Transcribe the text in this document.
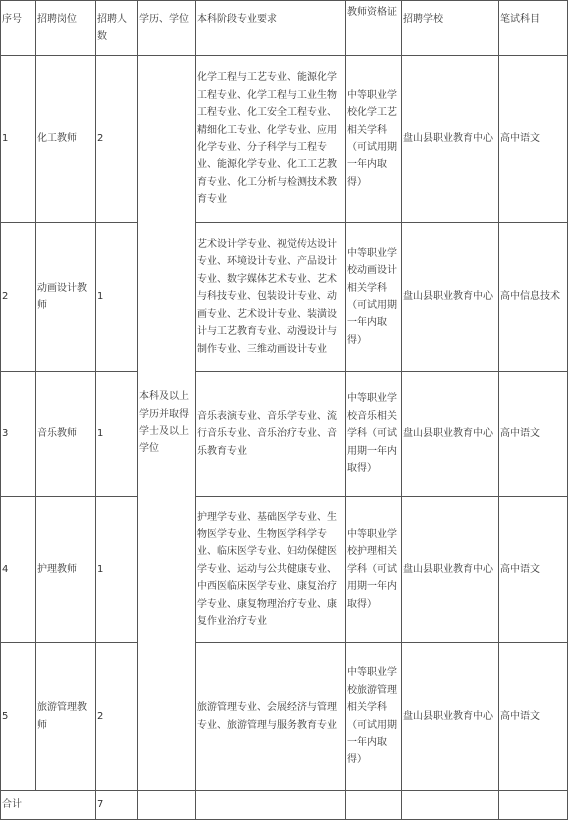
序号	招聘岗位	招聘人数	学历、学位	本科阶段专业要求	教师资格证	招聘学校	笔试科目
1	化工教师	2	本科及以上学历并取得学士及以上学位	化学工程与工艺专业、能源化学工程专业、化学工程与工业生物工程专业、化工安全工程专业、精细化工专业、化学专业、应用化学专业、分子科学与工程专业、能源化学专业、化工工艺教育专业、化工分析与检测技术教育专业	中等职业学校化学工艺相关学科（可试用期一年内取得）	盘山县职业教育中心	高中语文
2	动画设计教师	1		艺术设计学专业、视觉传达设计专业、环境设计专业、产品设计专业、数字媒体艺术专业、艺术与科技专业、包装设计专业、动画专业、艺术设计专业、装潢设计与工艺教育专业、动漫设计与制作专业、三维动画设计专业	中等职业学校动画设计相关学科（可试用期一年内取得）	盘山县职业教育中心	高中信息技术
3	音乐教师	1		音乐表演专业、音乐学专业、流行音乐专业、音乐治疗专业、音乐教育专业	中等职业学校音乐相关学科（可试用期一年内取得）	盘山县职业教育中心	高中语文
4	护理教师	1		护理学专业、基础医学专业、生物医学专业、生物医学科学专业、临床医学专业、妇幼保健医学专业、运动与公共健康专业、中西医临床医学专业、康复治疗学专业、康复物理治疗专业、康复作业治疗专业	中等职业学校护理相关学科（可试用期一年内取得）	盘山县职业教育中心	高中语文
5	旅游管理教师	2		旅游管理专业、会展经济与管理专业、旅游管理与服务教育专业	中等职业学校旅游管理相关学科（可试用期一年内取得）	盘山县职业教育中心	高中语文
合计		7					
